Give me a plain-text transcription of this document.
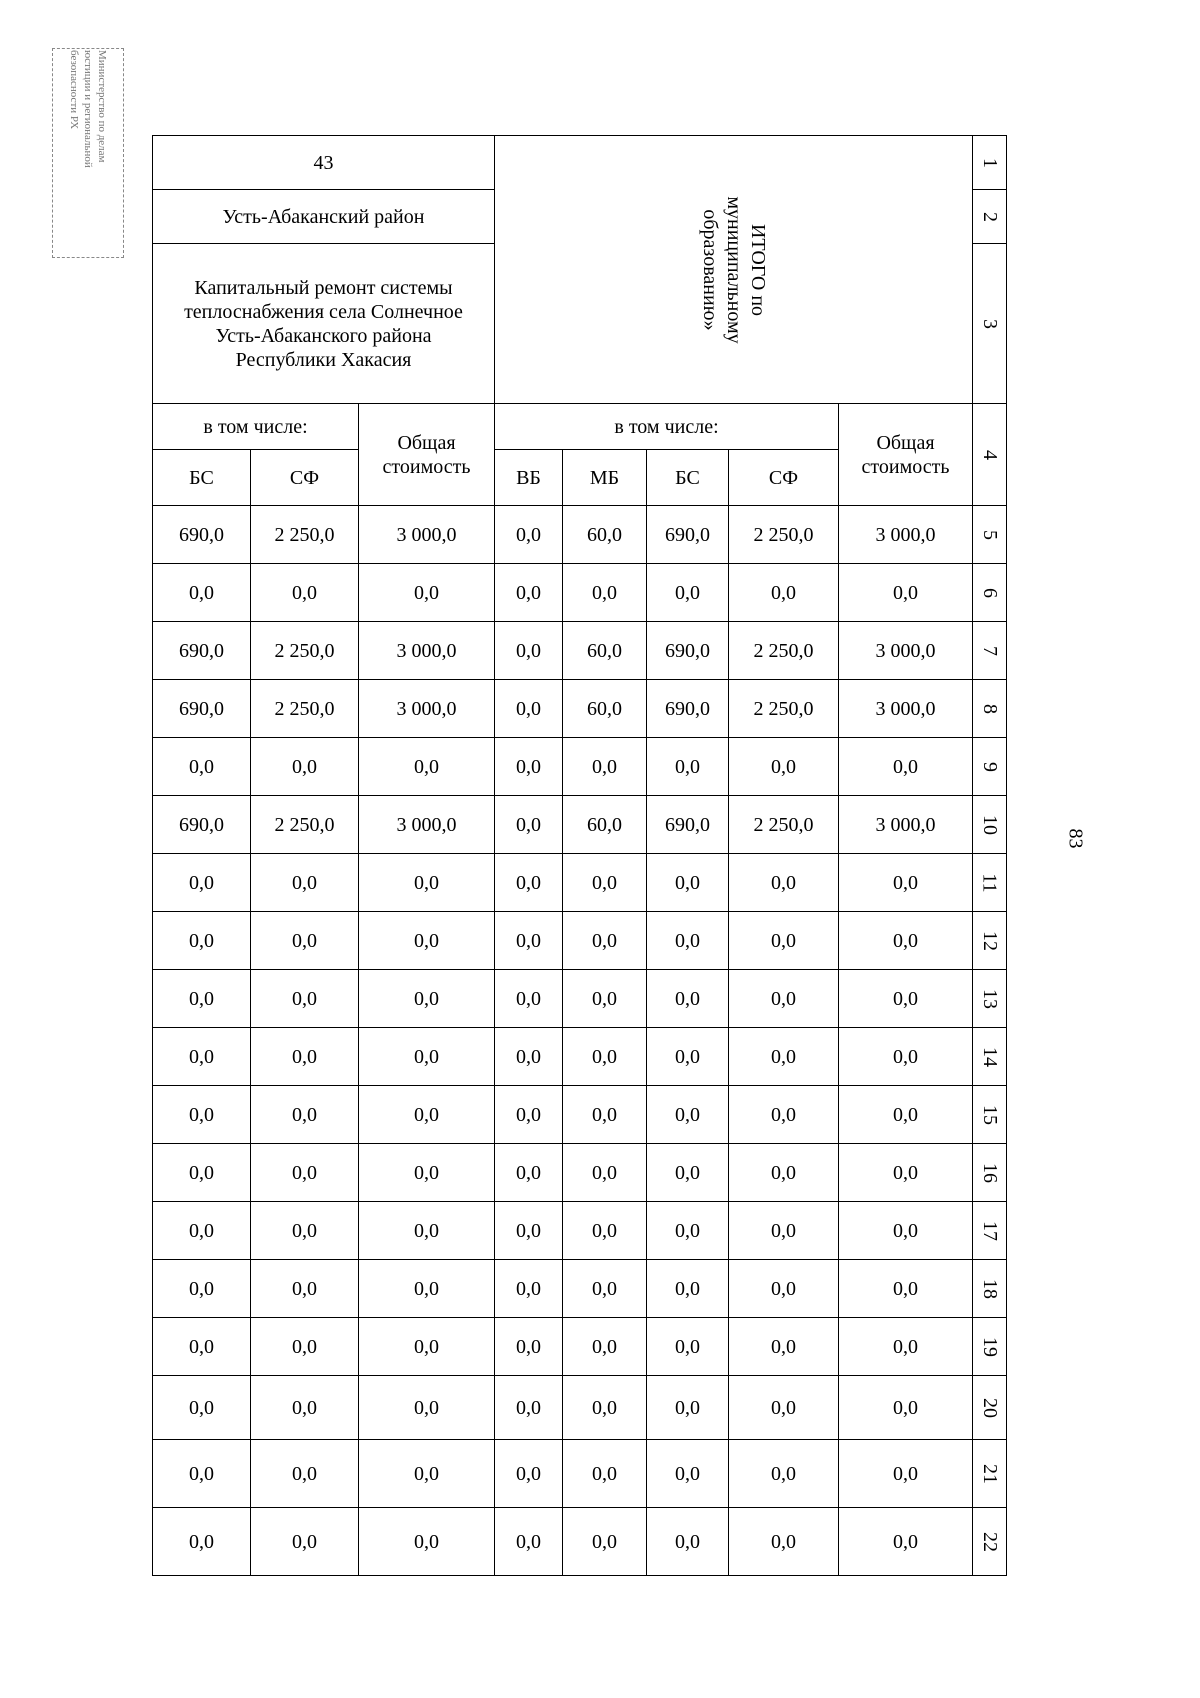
Министерство по делам
юстиции и региональной
безопасности РХ
83
43			ИТОГО по муниципальному образованию»					1
Усть-Абаканский район								2
Капитальный ремонт системы теплоснабжения села Солнечное Усть-Абаканского района Республики Хакасия								3
в том числе:		Общая стоимость	в том числе:				Общая стоимость	4
БС	СФ		ВБ	МБ	БС	СФ		
690,0	2 250,0	3 000,0	0,0	60,0	690,0	2 250,0	3 000,0	5
0,0	0,0	0,0	0,0	0,0	0,0	0,0	0,0	6
690,0	2 250,0	3 000,0	0,0	60,0	690,0	2 250,0	3 000,0	7
690,0	2 250,0	3 000,0	0,0	60,0	690,0	2 250,0	3 000,0	8
0,0	0,0	0,0	0,0	0,0	0,0	0,0	0,0	9
690,0	2 250,0	3 000,0	0,0	60,0	690,0	2 250,0	3 000,0	10
0,0	0,0	0,0	0,0	0,0	0,0	0,0	0,0	11
0,0	0,0	0,0	0,0	0,0	0,0	0,0	0,0	12
0,0	0,0	0,0	0,0	0,0	0,0	0,0	0,0	13
0,0	0,0	0,0	0,0	0,0	0,0	0,0	0,0	14
0,0	0,0	0,0	0,0	0,0	0,0	0,0	0,0	15
0,0	0,0	0,0	0,0	0,0	0,0	0,0	0,0	16
0,0	0,0	0,0	0,0	0,0	0,0	0,0	0,0	17
0,0	0,0	0,0	0,0	0,0	0,0	0,0	0,0	18
0,0	0,0	0,0	0,0	0,0	0,0	0,0	0,0	19
0,0	0,0	0,0	0,0	0,0	0,0	0,0	0,0	20
0,0	0,0	0,0	0,0	0,0	0,0	0,0	0,0	21
0,0	0,0	0,0	0,0	0,0	0,0	0,0	0,0	22
